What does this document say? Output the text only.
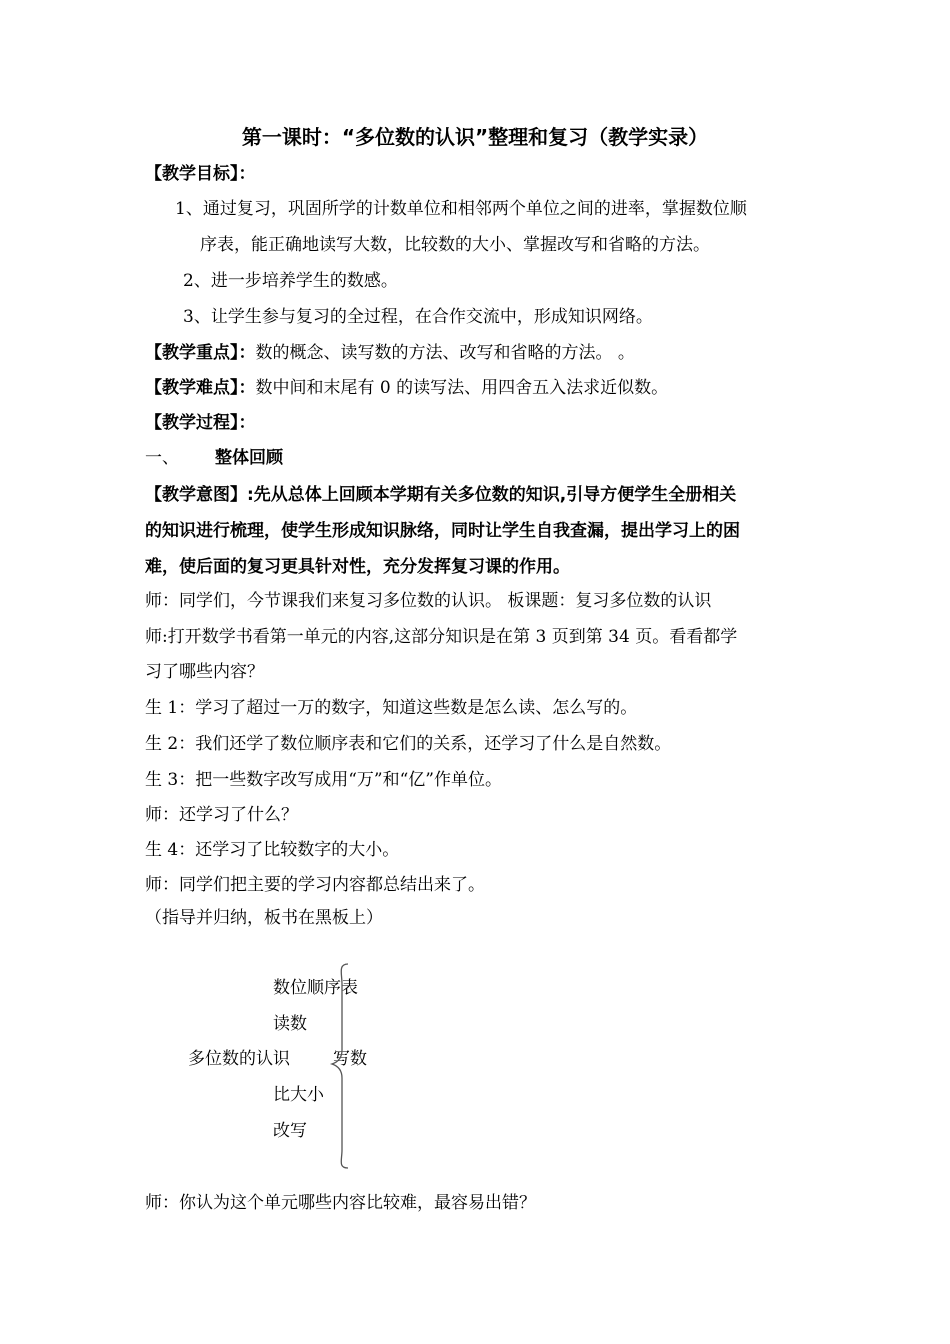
第一课时：“多位数的认识”整理和复习（教学实录）
【教学目标】：
1、通过复习，巩固所学的计数单位和相邻两个单位之间的进率，掌握数位顺
序表，能正确地读写大数，比较数的大小、掌握改写和省略的方法。
2、进一步培养学生的数感。
3、让学生参与复习的全过程，在合作交流中，形成知识网络。
【教学重点】：数的概念、读写数的方法、改写和省略的方法。 。
【教学难点】：数中间和末尾有 0 的读写法、用四舍五入法求近似数。
【教学过程】：
一、 整体回顾
【教学意图】:先从总体上回顾本学期有关多位数的知识,引导方便学生全册相关
的知识进行梳理，使学生形成知识脉络，同时让学生自我查漏，提出学习上的困
难，使后面的复习更具针对性，充分发挥复习课的作用。
师：同学们，今节课我们来复习多位数的认识。 板课题：复习多位数的认识
师:打开数学书看第一单元的内容,这部分知识是在第 3 页到第 34 页。看看都学
习了哪些内容？
生 1：学习了超过一万的数字，知道这些数是怎么读、怎么写的。
生 2：我们还学了数位顺序表和它们的关系，还学习了什么是自然数。
生 3：把一些数字改写成用“万”和“亿”作单位。
师：还学习了什么？
生 4：还学习了比较数字的大小。
师：同学们把主要的学习内容都总结出来了。
（指导并归纳，板书在黑板上）
多位数的认识
数位顺序表
读数
写数
比大小
改写
师：你认为这个单元哪些内容比较难，最容易出错？
